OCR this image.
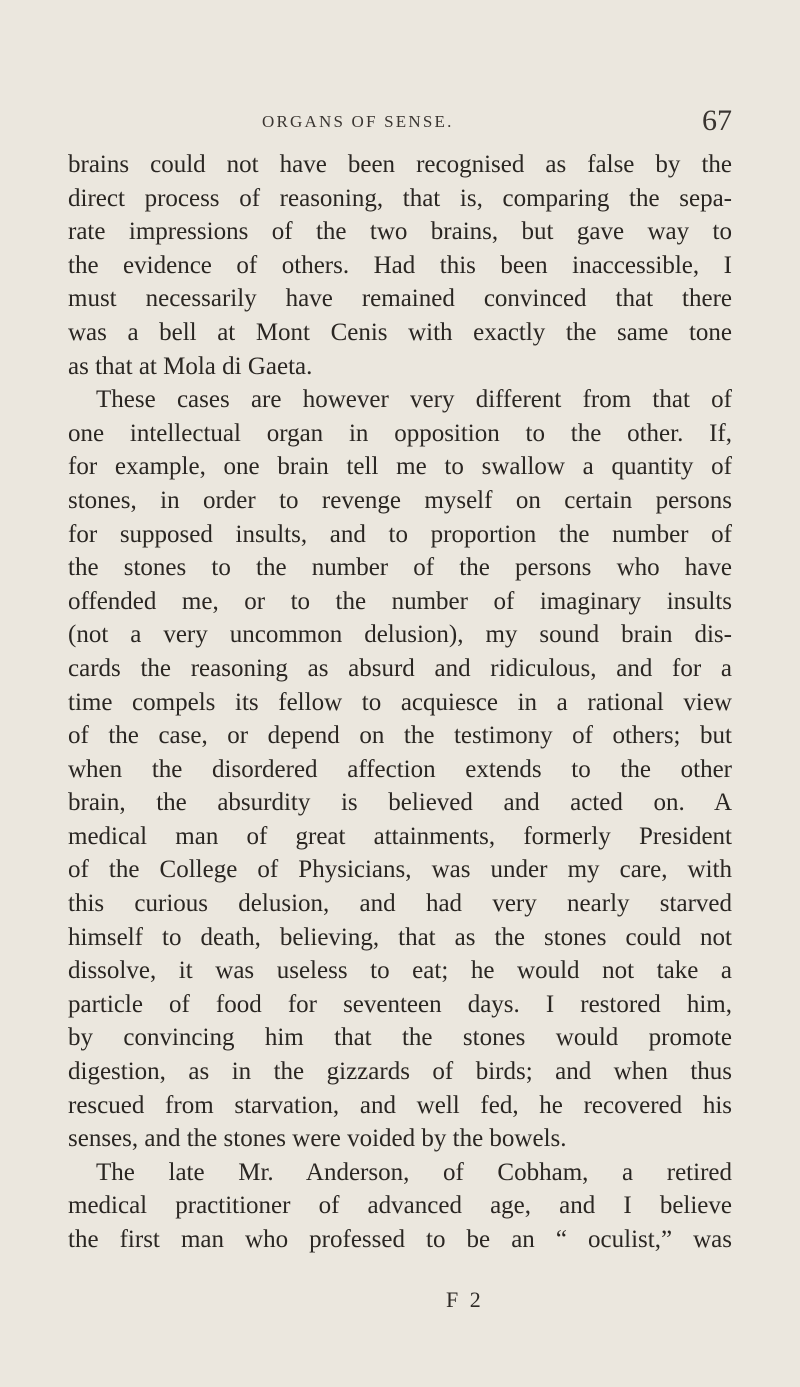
ORGANS OF SENSE.	67
brains could not have been recognised as false by the
direct process of reasoning, that is, comparing the sepa-
rate impressions of the two brains, but gave way to
the evidence of others. Had this been inaccessible, I
must necessarily have remained convinced that there
was a bell at Mont Cenis with exactly the same tone
as that at Mola di Gaeta.
These cases are however very different from that of
one intellectual organ in opposition to the other. If,
for example, one brain tell me to swallow a quantity of
stones, in order to revenge myself on certain persons
for supposed insults, and to proportion the number of
the stones to the number of the persons who have
offended me, or to the number of imaginary insults
(not a very uncommon delusion), my sound brain dis-
cards the reasoning as absurd and ridiculous, and for a
time compels its fellow to acquiesce in a rational view
of the case, or depend on the testimony of others; but
when the disordered affection extends to the other
brain, the absurdity is believed and acted on. A
medical man of great attainments, formerly President
of the College of Physicians, was under my care, with
this curious delusion, and had very nearly starved
himself to death, believing, that as the stones could not
dissolve, it was useless to eat; he would not take a
particle of food for seventeen days. I restored him,
by convincing him that the stones would promote
digestion, as in the gizzards of birds; and when thus
rescued from starvation, and well fed, he recovered his
senses, and the stones were voided by the bowels.
The late Mr. Anderson, of Cobham, a retired
medical practitioner of advanced age, and I believe
the first man who professed to be an “ oculist,” was
F 2
